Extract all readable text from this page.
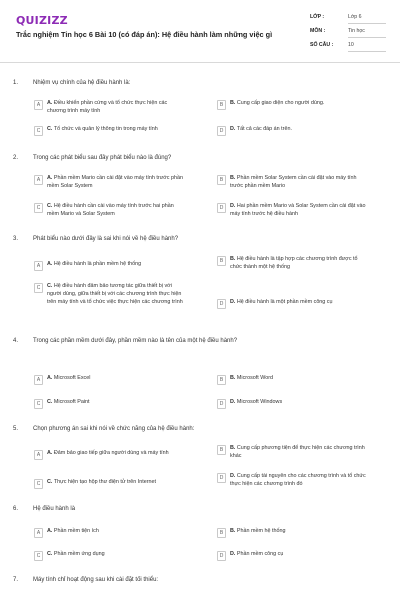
QUIZIZZ
Trắc nghiệm Tin học 6 Bài 10 (có đáp án): Hệ điều hành làm những việc gì
LỚP :	Lớp 6
MÔN :	Tin học
SỐ CÂU :	10
1.	Nhiệm vụ chính của hệ điều hành là:
A	A. Điều khiển phần cứng và tổ chức thực hiện các chương trình máy tính
B	B. Cung cấp giao diện cho người dùng.
C	C. Tổ chức và quản lý thông tin trong máy tính	D	D. Tất cả các đáp án trên.
2.	Trong các phát biểu sau đây phát biểu nào là đúng?
A	A. Phần mềm Mario cần cài đặt vào máy tính trước phần mềm Solar System
B	B. Phần mềm Solar System cần cài đặt vào máy tính trước phần mềm Mario
C	C. Hệ điều hành cần cài vào máy tính trước hai phần mềm Mario và Solar System
D	D. Hai phần mềm Mario và Solar System cần cài đặt vào máy tính trước hệ điều hành
3.	Phát biểu nào dưới đây là sai khi nói về hệ điều hành?
A	A. Hệ điều hành là phần mềm hệ thống	B	B. Hệ điều hành là tập hợp các chương trình được tổ chức thành một hệ thống
C	C. Hệ điều hành đảm bảo tương tác giữa thiết bị với người dùng, giữa thiết bị với các chương trình thực hiện trên máy tính và tổ chức việc thực hiện các chương trình	D	D. Hệ điều hành là một phần mềm công cụ
4.	Trong các phần mềm dưới đây, phần mềm nào là tên của một hệ điều hành?
A	A. Microsoft Excel	B	B. Microsoft Word
C	C. Microsoft Paint	D	D. Microsoft Windows
5.	Chọn phương án sai khi nói về chức năng của hệ điều hành:
A	A. Đảm bảo giao tiếp giữa người dùng và máy tính	B	B. Cung cấp phương tiện để thực hiện các chương trình khác
C	C. Thực hiện tạo hộp thư điện tử trên Internet
D	D. Cung cấp tài nguyên cho các chương trình và tổ chức thực hiện các chương trình đó
6.	Hệ điều hành là
A	A. Phần mềm tiện ích	B	B. Phần mềm hệ thống
C	C. Phần mềm ứng dụng	D	D. Phần mềm công cụ
7.	Máy tính chỉ hoạt động sau khi cài đặt tối thiểu:
